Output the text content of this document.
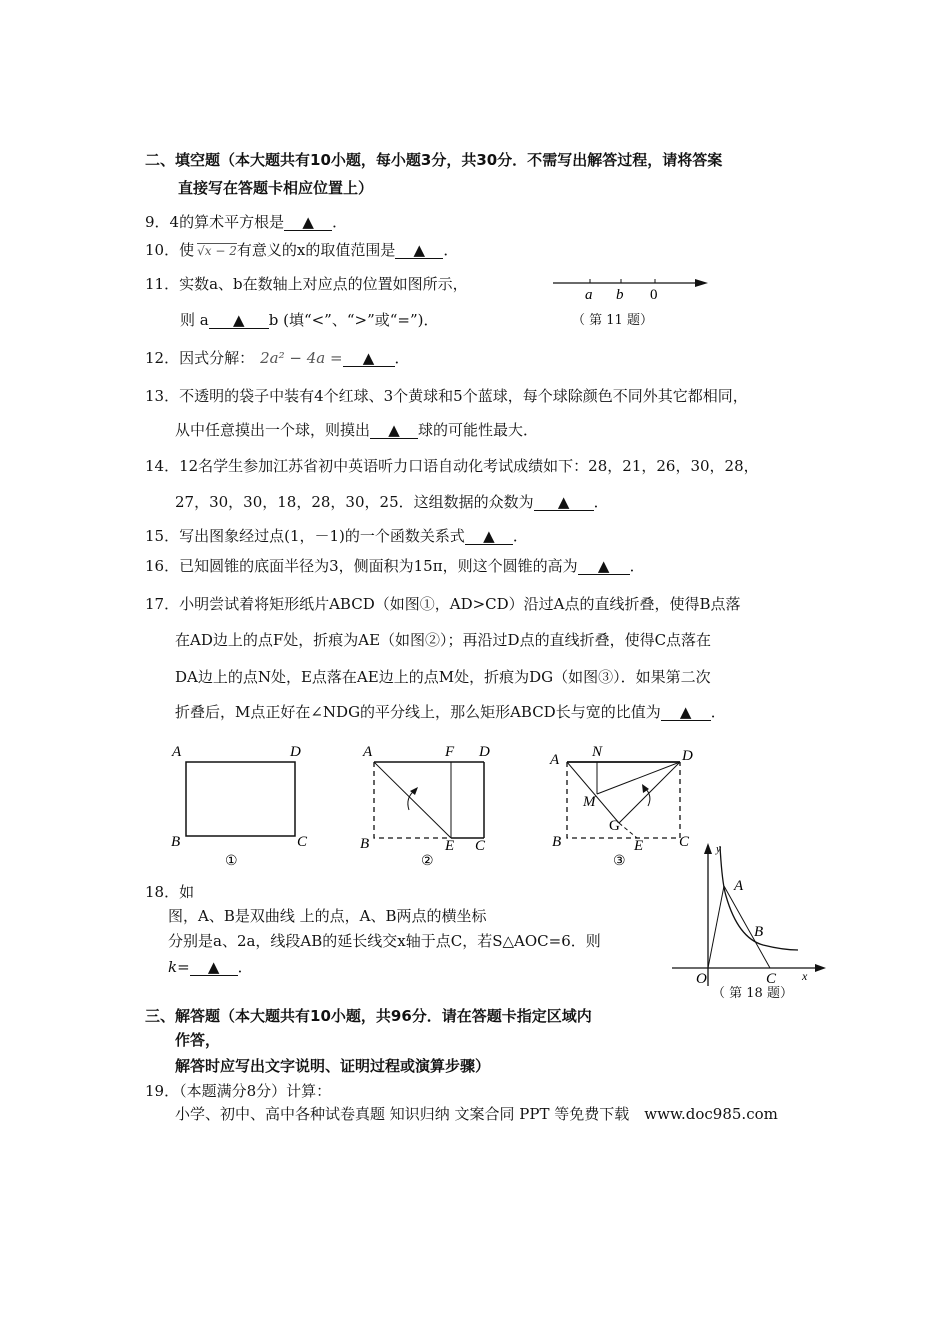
二、填空题（本大题共有10小题，每小题3分，共30分．不需写出解答过程，请将答案
直接写在答题卡相应位置上）
9．4的算术平方根是 ▲ ．
10．使 √x − 2有意义的x的取值范围是 ▲ ．
11．实数a、b在数轴上对应点的位置如图所示，
则 a ▲ b (填“<”、“>”或“=”)．
a b 0
（ 第 11 题）
12．因式分解： 2a² − 4a = ▲ ．
13．不透明的袋子中装有4个红球、3个黄球和5个蓝球，每个球除颜色不同外其它都相同，
从中任意摸出一个球，则摸出 ▲ 球的可能性最大．
14．12名学生参加江苏省初中英语听力口语自动化考试成绩如下：28，21，26，30，28，
27，30，30，18，28，30，25．这组数据的众数为 ▲ ．
15．写出图象经过点(1，－1)的一个函数关系式 ▲ ．
16．已知圆锥的底面半径为3，侧面积为15π，则这个圆锥的高为 ▲ ．
17．小明尝试着将矩形纸片ABCD（如图①，AD>CD）沿过A点的直线折叠，使得B点落
在AD边上的点F处，折痕为AE（如图②）；再沿过D点的直线折叠，使得C点落在
DA边上的点N处，E点落在AE边上的点M处，折痕为DG（如图③）．如果第二次
折叠后，M点正好在∠NDG的平分线上，那么矩形ABCD长与宽的比值为 ▲ ．
A	D
B	C
①
A	F D
B	E C
②
A N	D
M
G
B	E C
③
18．如
图，A、B是双曲线 上的点，A、B两点的横坐标
分别是a、2a，线段AB的延长线交x轴于点C，若S△AOC=6．则
k= ▲ ．
y
A
B
O	C x
（ 第 18 题）
三、解答题（本大题共有10小题，共96分．请在答题卡指定区域内
作答，
解答时应写出文字说明、证明过程或演算步骤）
19．（本题满分8分）计算：
小学、初中、高中各种试卷真题 知识归纳 文案合同 PPT 等免费下载　www.doc985.com
